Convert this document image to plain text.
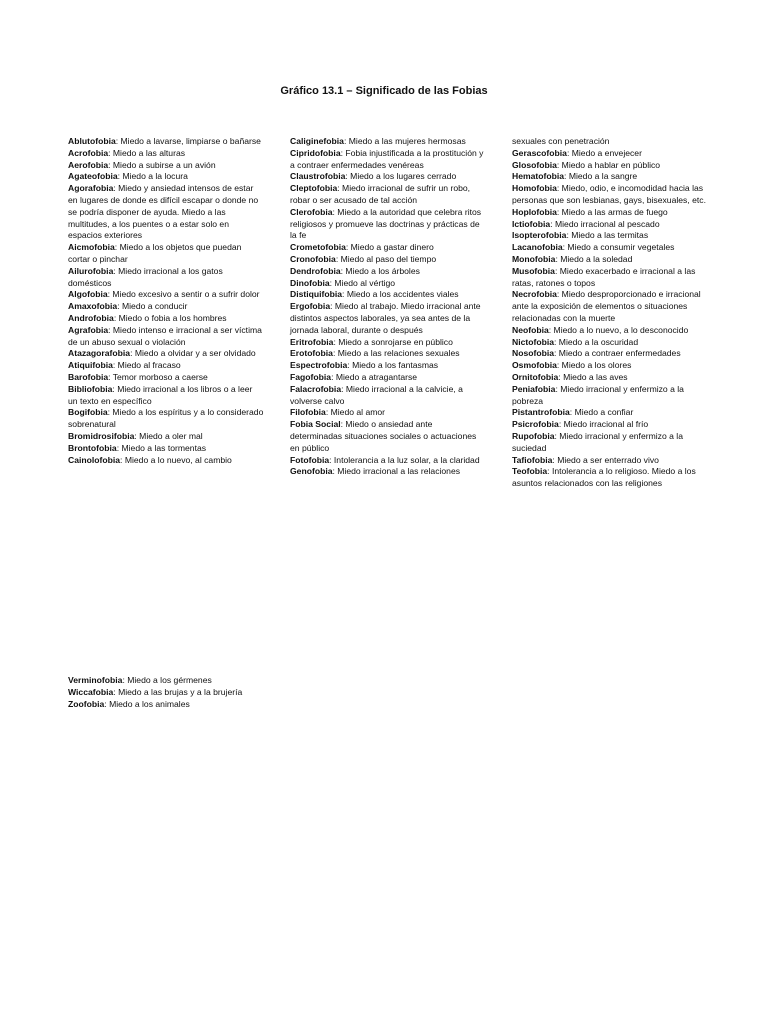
Gráfico 13.1 – Significado de las Fobias
Ablutofobia: Miedo a lavarse, limpiarse o bañarse
Acrofobia: Miedo a las alturas
Aerofobia: Miedo a subirse a un avión
Agateofobia: Miedo a la locura
Agorafobia: Miedo y ansiedad intensos de estar en lugares de donde es difícil escapar o donde no se podría disponer de ayuda. Miedo a las multitudes, a los puentes o a estar solo en espacios exteriores
Aicmofobia: Miedo a los objetos que puedan cortar o pinchar
Ailurofobia: Miedo irracional a los gatos domésticos
Algofobia: Miedo excesivo a sentir o a sufrir dolor
Amaxofobia: Miedo a conducir
Androfobia: Miedo o fobia a los hombres
Agrafobia: Miedo intenso e irracional a ser víctima de un abuso sexual o violación
Atazagorafobia: Miedo a olvidar y a ser olvidado
Atiquifobia: Miedo al fracaso
Barofobia: Temor morboso a caerse
Bibliofobia: Miedo irracional a los libros o a leer un texto en específico
Bogifobia: Miedo a los espíritus y a lo considerado sobrenatural
Bromidrosifobia: Miedo a oler mal
Brontofobia: Miedo a las tormentas
Cainolofobia: Miedo a lo nuevo, al cambio
Caliginefobia: Miedo a las mujeres hermosas
Cipridofobia: Fobia injustificada a la prostitución y a contraer enfermedades venéreas
Claustrofobia: Miedo a los lugares cerrado
Cleptofobia: Miedo irracional de sufrir un robo, robar o ser acusado de tal acción
Clerofobia: Miedo a la autoridad que celebra ritos religiosos y promueve las doctrinas y prácticas de la fe
Crometofobia: Miedo a gastar dinero
Cronofobia: Miedo al paso del tiempo
Dendrofobia: Miedo a los árboles
Dinofobia: Miedo al vértigo
Distiquifobia: Miedo a los accidentes viales
Ergofobia: Miedo al trabajo. Miedo irracional ante distintos aspectos laborales, ya sea antes de la jornada laboral, durante o después
Eritrofobia: Miedo a sonrojarse en público
Erotofobia: Miedo a las relaciones sexuales
Espectrofobia: Miedo a los fantasmas
Fagofobia: Miedo a atragantarse
Falacrofobia: Miedo irracional a la calvicie, a volverse calvo
Filofobia: Miedo al amor
Fobia Social: Miedo o ansiedad ante determinadas situaciones sociales o actuaciones en público
Fotofobia: Intolerancia a la luz solar, a la claridad
Genofobia: Miedo irracional a las relaciones
sexuales con penetración
Gerascofobia: Miedo a envejecer
Glosofobia: Miedo a hablar en público
Hematofobia: Miedo a la sangre
Homofobia: Miedo, odio, e incomodidad hacia las personas que son lesbianas, gays, bisexuales, etc.
Hoplofobia: Miedo a las armas de fuego
Ictiofobia: Miedo irracional al pescado
Isopterofobia: Miedo a las termitas
Lacanofobia: Miedo a consumir vegetales
Monofobia: Miedo a la soledad
Musofobia: Miedo exacerbado e irracional a las ratas, ratones o topos
Necrofobia: Miedo desproporcionado e irracional ante la exposición de elementos o situaciones relacionadas con la muerte
Neofobia: Miedo a lo nuevo, a lo desconocido
Nictofobia: Miedo a la oscuridad
Nosofobia: Miedo a contraer enfermedades
Osmofobia: Miedo a los olores
Ornitofobia: Miedo a las aves
Peniafobia: Miedo irracional y enfermizo a la pobreza
Pistantrofobia: Miedo a confiar
Psicrofobia: Miedo irracional al frío
Rupofobia: Miedo irracional y enfermizo a la suciedad
Tafiofobia: Miedo a ser enterrado vivo
Teofobia: Intolerancia a lo religioso. Miedo a los asuntos relacionados con las religiones
Verminofobia: Miedo a los gérmenes
Wiccafobia: Miedo a las brujas y a la brujería
Zoofobia: Miedo a los animales
